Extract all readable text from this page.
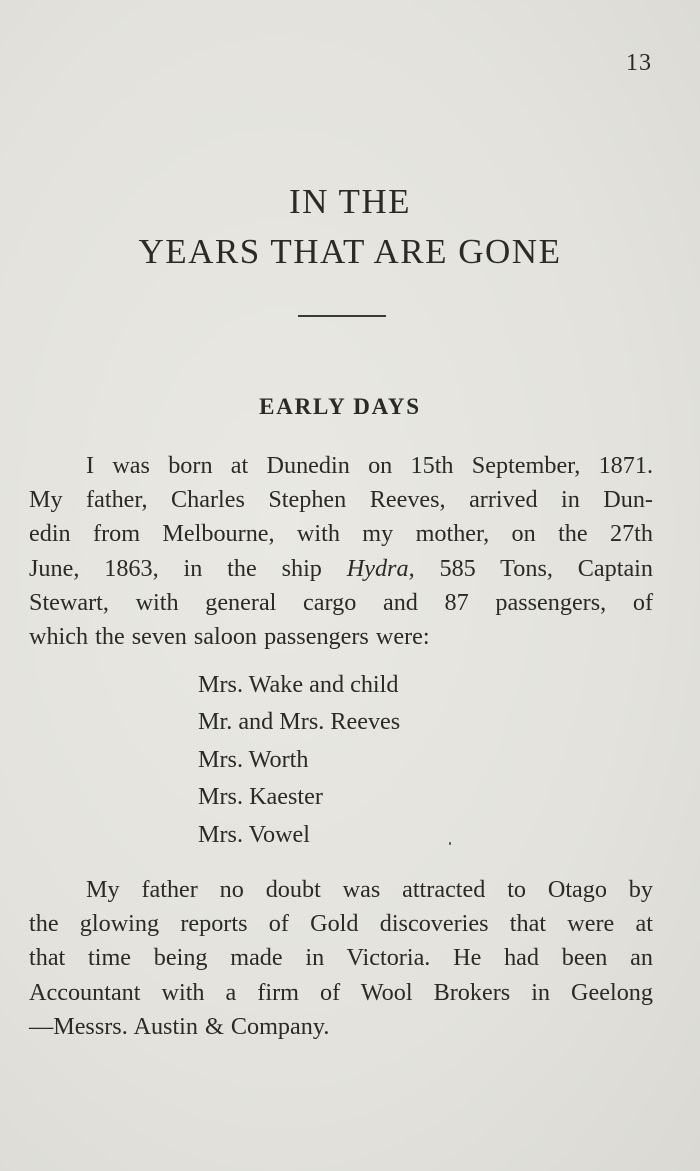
13
IN THE
YEARS THAT ARE GONE
EARLY DAYS
I was born at Dunedin on 15th September, 1871.
My father, Charles Stephen Reeves, arrived in Dun-
edin from Melbourne, with my mother, on the 27th
June, 1863, in the ship Hydra, 585 Tons, Captain
Stewart, with general cargo and 87 passengers, of
which the seven saloon passengers were:
Mrs. Wake and child
Mr. and Mrs. Reeves
Mrs. Worth
Mrs. Kaester
Mrs. Vowel
My father no doubt was attracted to Otago by
the glowing reports of Gold discoveries that were at
that time being made in Victoria. He had been an
Accountant with a firm of Wool Brokers in Geelong
—Messrs. Austin & Company.
